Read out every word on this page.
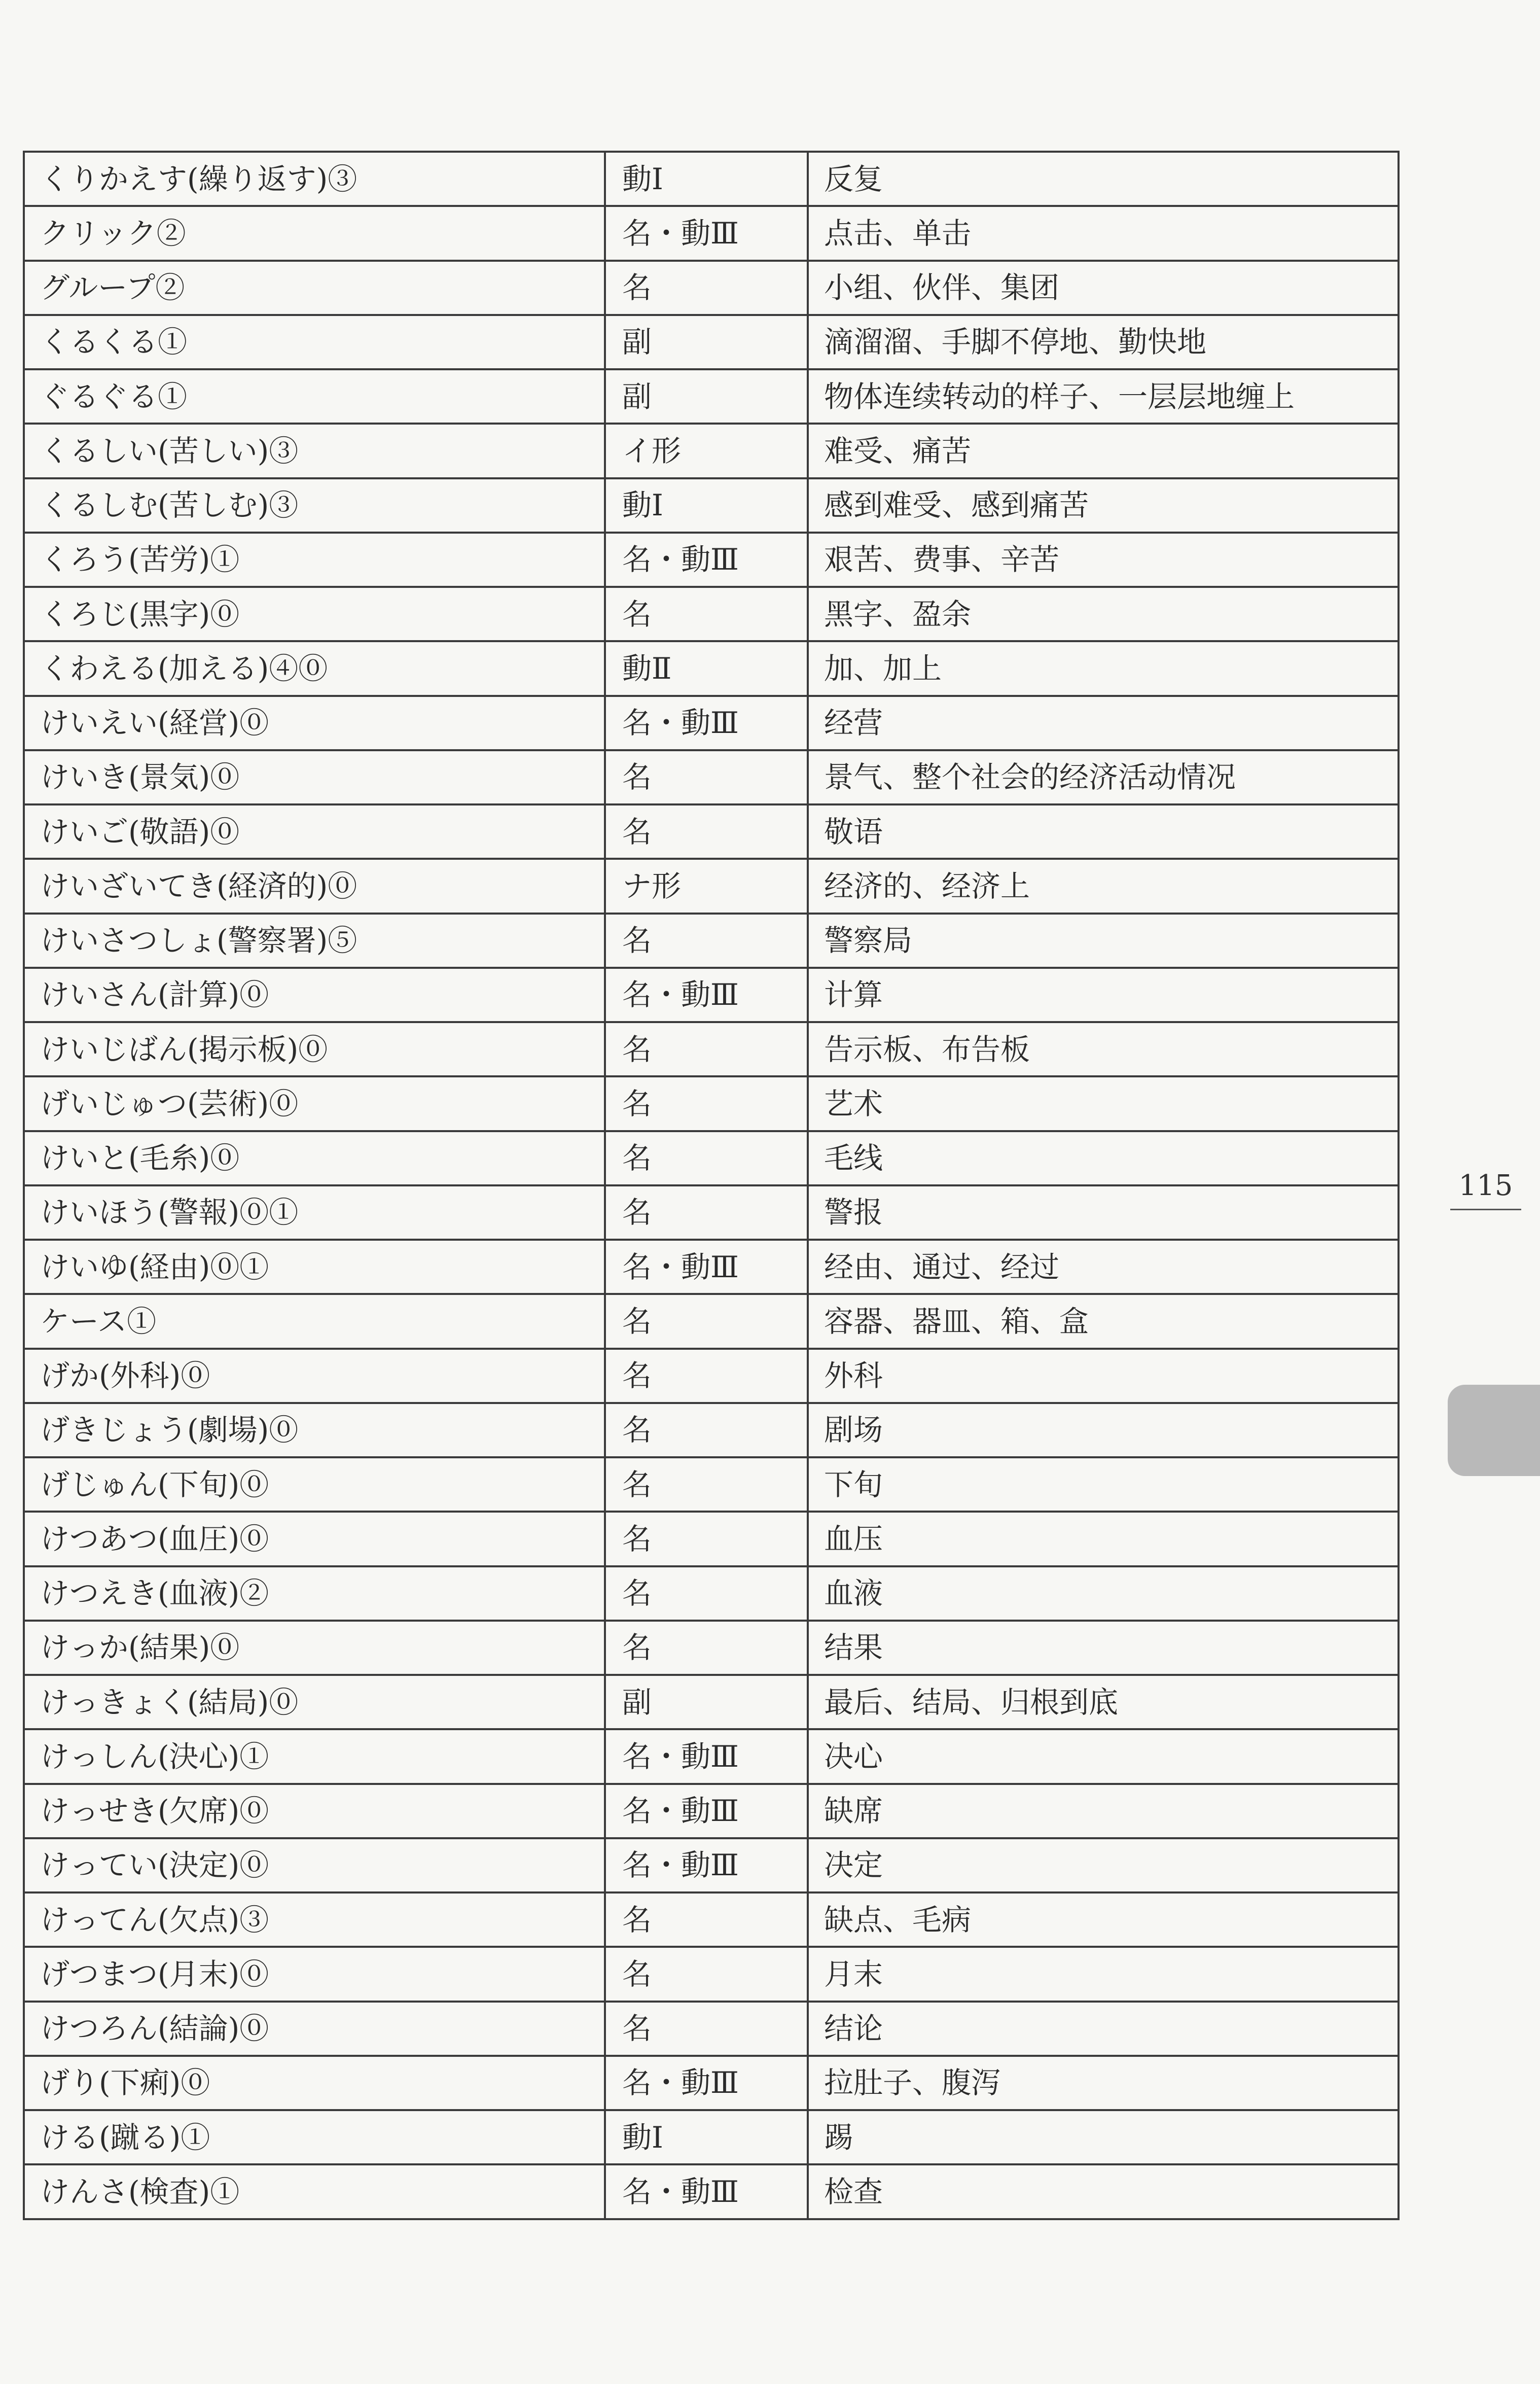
くりかえす(繰り返す)③	動Ⅰ	反复
クリック②	名・動Ⅲ	点击、单击
グループ②	名	小组、伙伴、集团
くるくる①	副	滴溜溜、手脚不停地、勤快地
ぐるぐる①	副	物体连续转动的样子、一层层地缠上
くるしい(苦しい)③	イ形	难受、痛苦
くるしむ(苦しむ)③	動Ⅰ	感到难受、感到痛苦
くろう(苦労)①	名・動Ⅲ	艰苦、费事、辛苦
くろじ(黒字)⓪	名	黑字、盈余
くわえる(加える)④⓪	動Ⅱ	加、加上
けいえい(経営)⓪	名・動Ⅲ	经营
けいき(景気)⓪	名	景气、整个社会的经济活动情况
けいご(敬語)⓪	名	敬语
けいざいてき(経済的)⓪	ナ形	经济的、经济上
けいさつしょ(警察署)⑤	名	警察局
けいさん(計算)⓪	名・動Ⅲ	计算
けいじばん(掲示板)⓪	名	告示板、布告板
げいじゅつ(芸術)⓪	名	艺术
けいと(毛糸)⓪	名	毛线
けいほう(警報)⓪①	名	警报
けいゆ(経由)⓪①	名・動Ⅲ	经由、通过、经过
ケース①	名	容器、器皿、箱、盒
げか(外科)⓪	名	外科
げきじょう(劇場)⓪	名	剧场
げじゅん(下旬)⓪	名	下旬
けつあつ(血圧)⓪	名	血压
けつえき(血液)②	名	血液
けっか(結果)⓪	名	结果
けっきょく(結局)⓪	副	最后、结局、归根到底
けっしん(決心)①	名・動Ⅲ	决心
けっせき(欠席)⓪	名・動Ⅲ	缺席
けってい(決定)⓪	名・動Ⅲ	决定
けってん(欠点)③	名	缺点、毛病
げつまつ(月末)⓪	名	月末
けつろん(結論)⓪	名	结论
げり(下痢)⓪	名・動Ⅲ	拉肚子、腹泻
ける(蹴る)①	動Ⅰ	踢
けんさ(検査)①	名・動Ⅲ	检查
115
